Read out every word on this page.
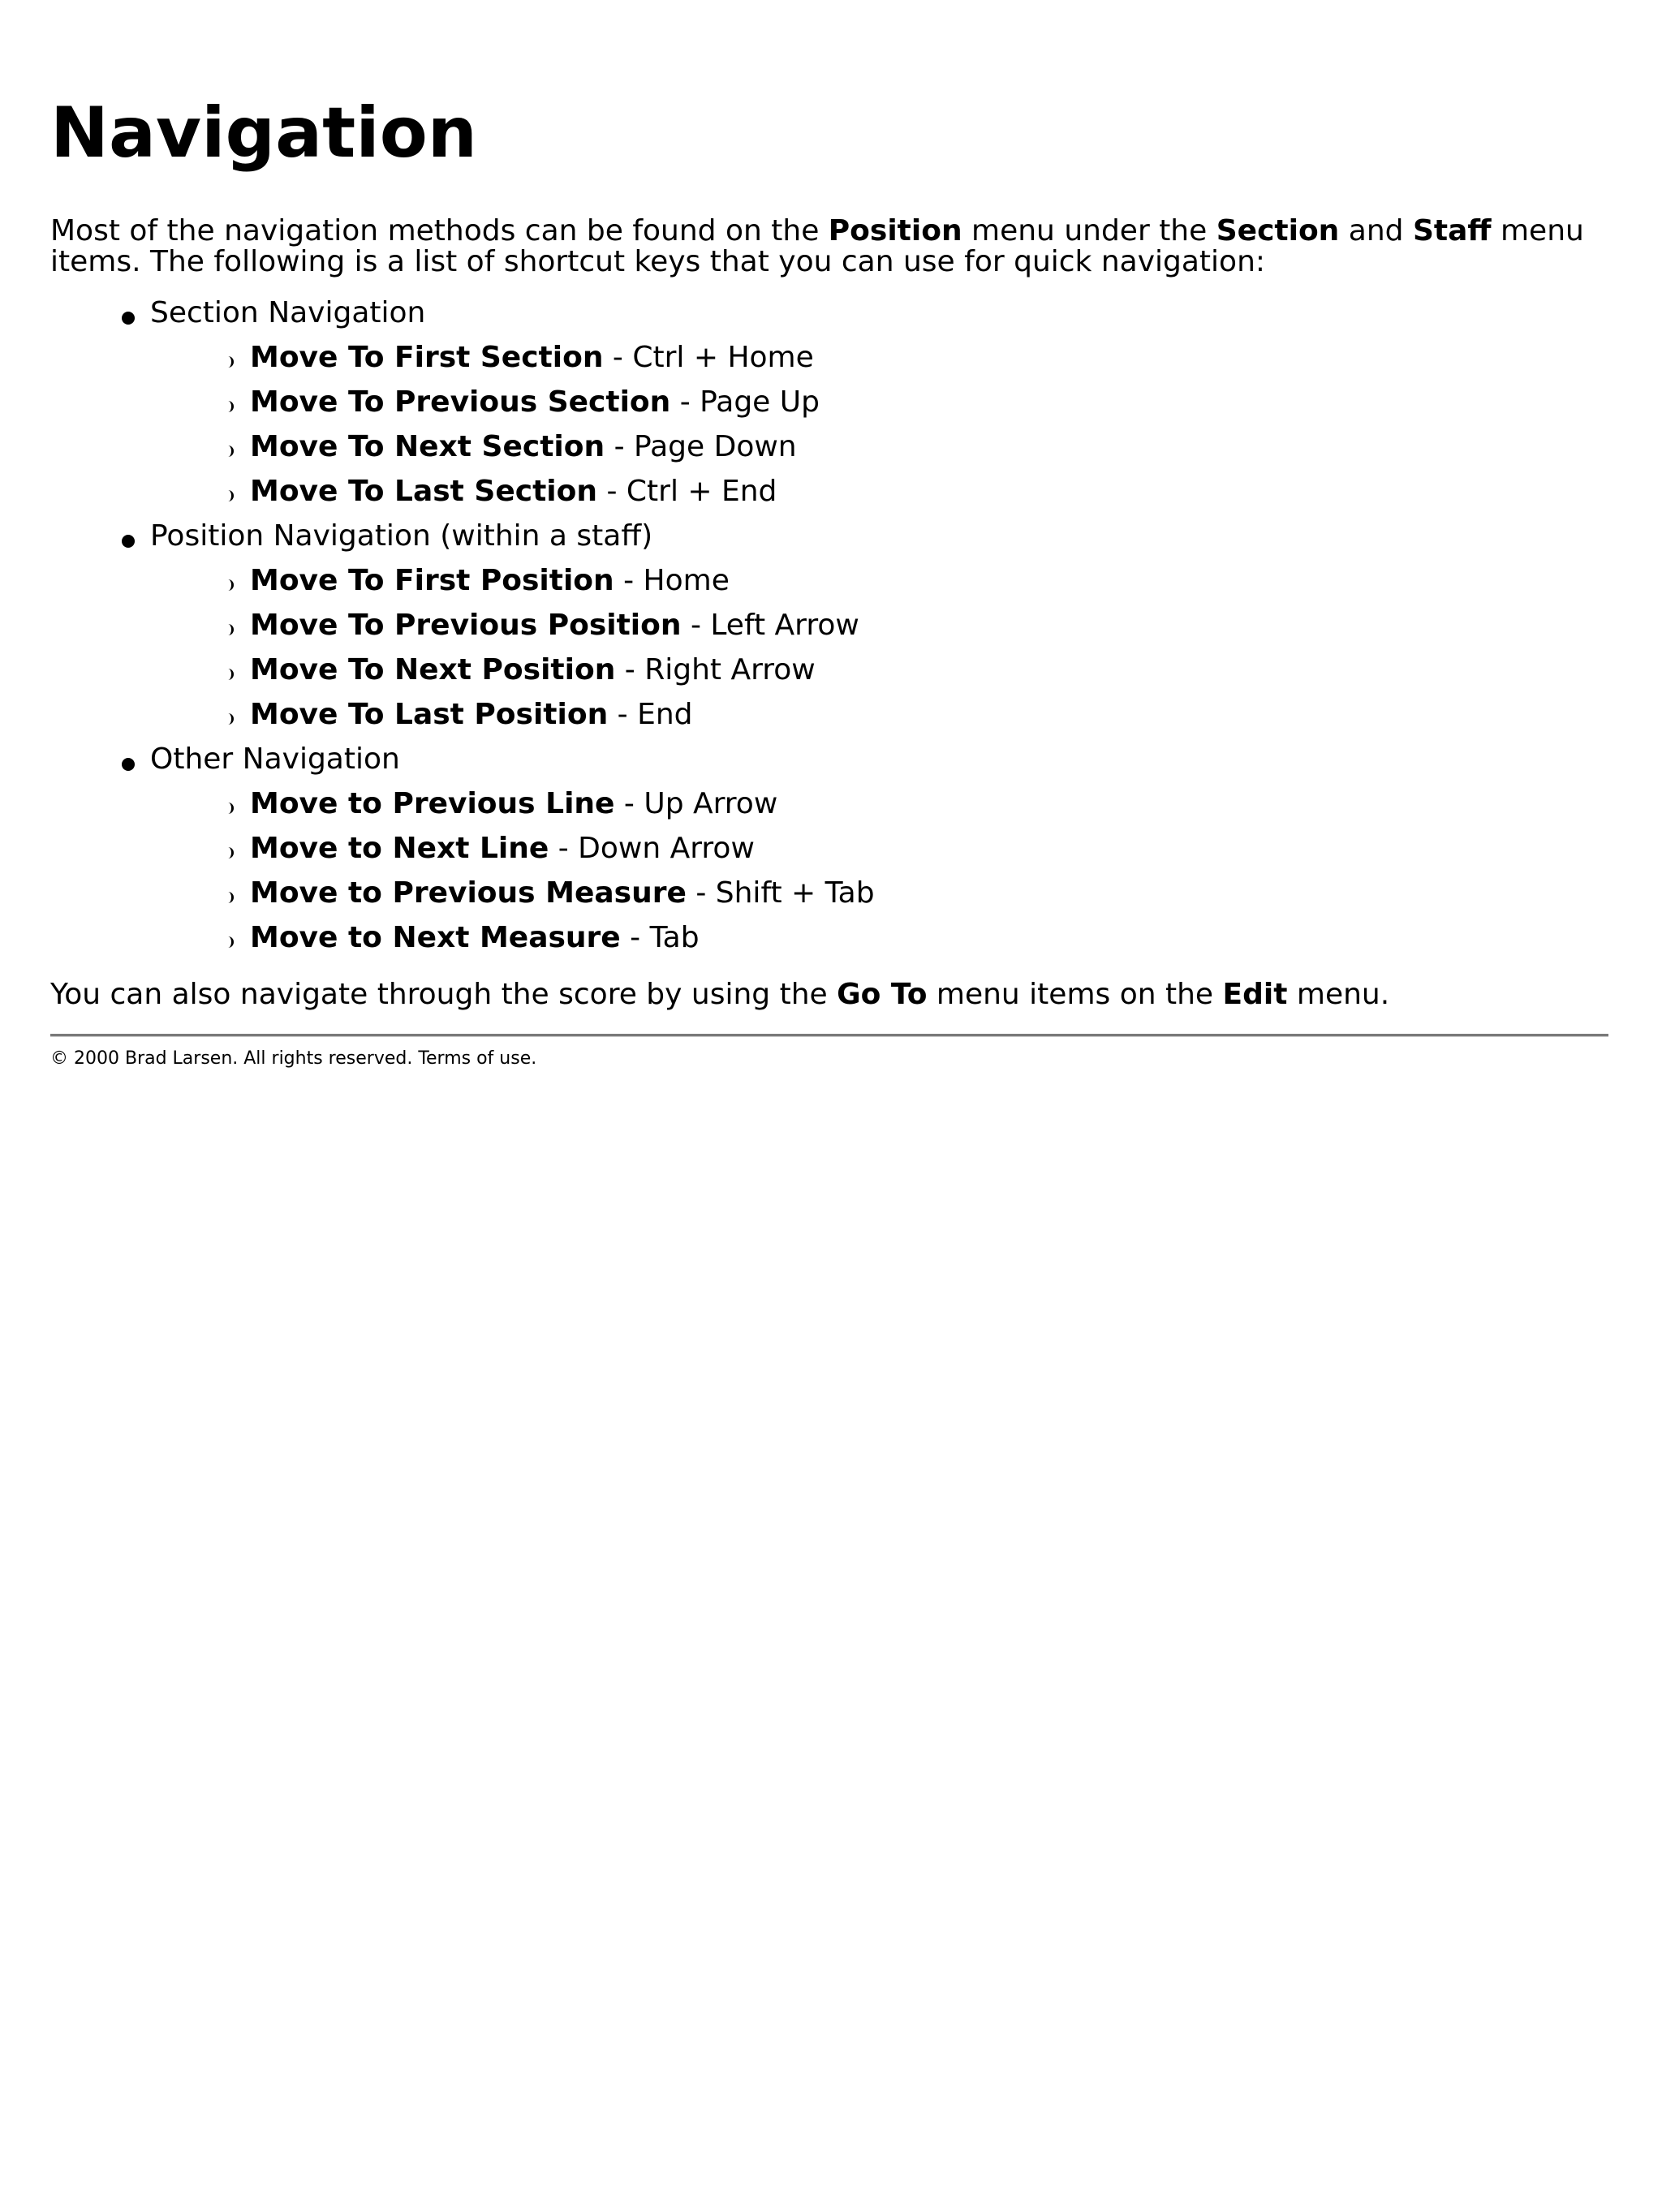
Navigation

Most of the navigation methods can be found on the Position menu under the Section and Staff menu items. The following is a list of shortcut keys that you can use for quick navigation:

Section Navigation
Move To First Section - Ctrl + Home
Move To Previous Section - Page Up
Move To Next Section - Page Down
Move To Last Section - Ctrl + End
Position Navigation (within a staff)
Move To First Position - Home
Move To Previous Position - Left Arrow
Move To Next Position - Right Arrow
Move To Last Position - End
Other Navigation
Move to Previous Line - Up Arrow
Move to Next Line - Down Arrow
Move to Previous Measure - Shift + Tab
Move to Next Measure - Tab

You can also navigate through the score by using the Go To menu items on the Edit menu.

© 2000 Brad Larsen. All rights reserved. Terms of use.
